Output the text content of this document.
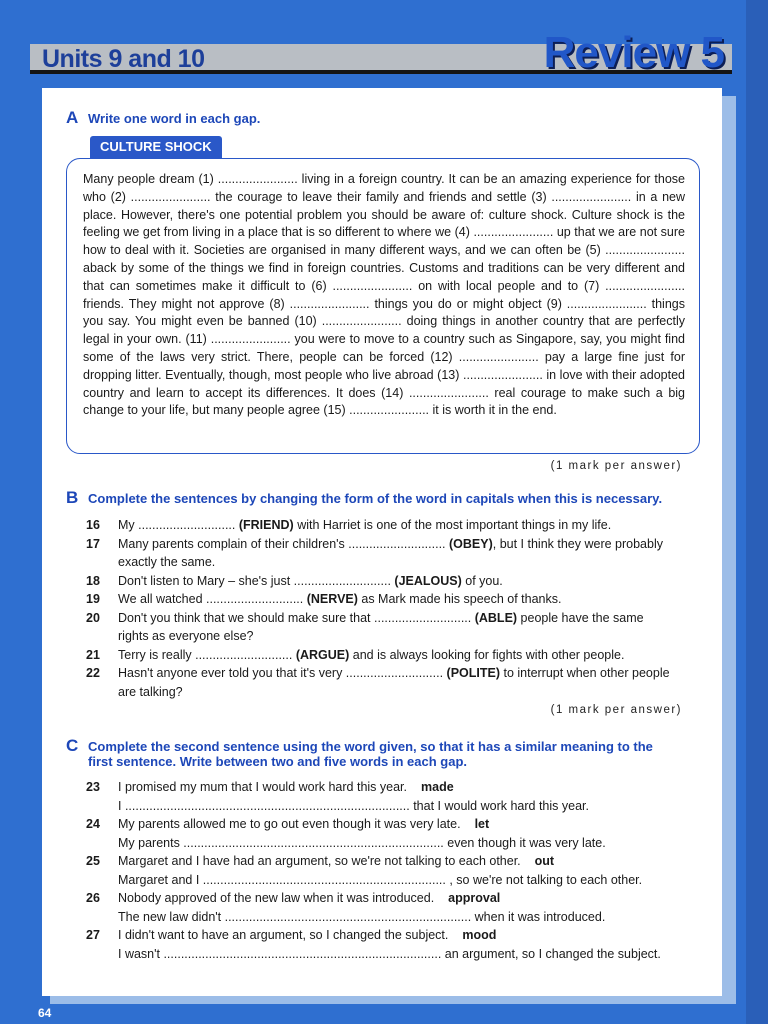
Units 9 and 10	Review 5
A Write one word in each gap.
CULTURE SHOCK

Many people dream (1) ....................... living in a foreign country. It can be an amazing experience for those who (2) ....................... the courage to leave their family and friends and settle (3) ....................... in a new place. However, there's one potential problem you should be aware of: culture shock. Culture shock is the feeling we get from living in a place that is so different to where we (4) ....................... up that we are not sure how to deal with it. Societies are organised in many different ways, and we can often be (5) ....................... aback by some of the things we find in foreign countries. Customs and traditions can be very different and that can sometimes make it difficult to (6) ....................... on with local people and to (7) ....................... friends. They might not approve (8) ....................... things you do or might object (9) ....................... things you say. You might even be banned (10) ....................... doing things in another country that are perfectly legal in your own. (11) ....................... you were to move to a country such as Singapore, say, you might find some of the laws very strict. There, people can be forced (12) ....................... pay a large fine just for dropping litter. Eventually, though, most people who live abroad (13) ....................... in love with their adopted country and learn to accept its differences. It does (14) ....................... real courage to make such a big change to your life, but many people agree (15) ....................... it is worth it in the end.

(1 mark per answer)
B Complete the sentences by changing the form of the word in capitals when this is necessary.
16	My ............................ (FRIEND) with Harriet is one of the most important things in my life.
17	Many parents complain of their children's ............................ (OBEY), but I think they were probably exactly the same.
18	Don't listen to Mary – she's just ............................ (JEALOUS) of you.
19	We all watched ............................ (NERVE) as Mark made his speech of thanks.
20	Don't you think that we should make sure that ............................ (ABLE) people have the same rights as everyone else?
21	Terry is really ............................ (ARGUE) and is always looking for fights with other people.
22	Hasn't anyone ever told you that it's very ............................ (POLITE) to interrupt when other people are talking?
(1 mark per answer)
C Complete the second sentence using the word given, so that it has a similar meaning to the first sentence. Write between two and five words in each gap.
23	I promised my mum that I would work hard this year. made
I .................................................................................. that I would work hard this year.
24	My parents allowed me to go out even though it was very late. let
My parents ........................................................................... even though it was very late.
25	Margaret and I have had an argument, so we're not talking to each other. out
Margaret and I ...................................................................... , so we're not talking to each other.
26	Nobody approved of the new law when it was introduced. approval
The new law didn't ....................................................................... when it was introduced.
27	I didn't want to have an argument, so I changed the subject. mood
I wasn't ................................................................................ an argument, so I changed the subject.
64
